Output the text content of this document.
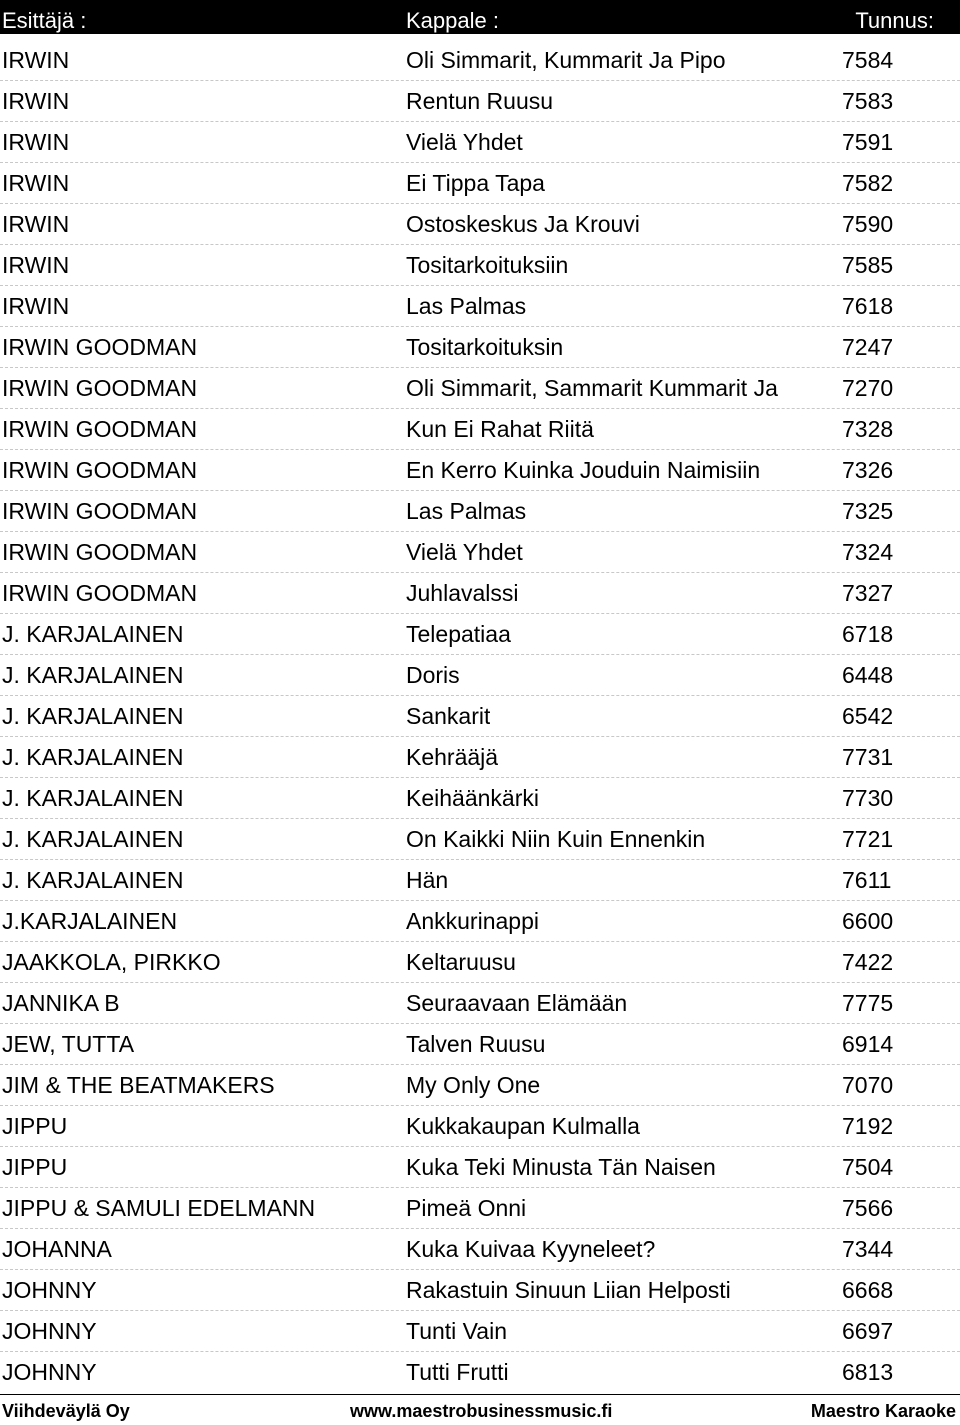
Esittäjä :	Kappale :	Tunnus:
IRWIN	Oli Simmarit, Kummarit Ja Pipo	7584
IRWIN	Rentun Ruusu	7583
IRWIN	Vielä Yhdet	7591
IRWIN	Ei Tippa Tapa	7582
IRWIN	Ostoskeskus Ja Krouvi	7590
IRWIN	Tositarkoituksiin	7585
IRWIN	Las Palmas	7618
IRWIN GOODMAN	Tositarkoituksin	7247
IRWIN GOODMAN	Oli Simmarit, Sammarit Kummarit Ja	7270
IRWIN GOODMAN	Kun Ei Rahat Riitä	7328
IRWIN GOODMAN	En Kerro Kuinka Jouduin Naimisiin	7326
IRWIN GOODMAN	Las Palmas	7325
IRWIN GOODMAN	Vielä Yhdet	7324
IRWIN GOODMAN	Juhlavalssi	7327
J. KARJALAINEN	Telepatiaa	6718
J. KARJALAINEN	Doris	6448
J. KARJALAINEN	Sankarit	6542
J. KARJALAINEN	Kehrääjä	7731
J. KARJALAINEN	Keihäänkärki	7730
J. KARJALAINEN	On Kaikki Niin Kuin Ennenkin	7721
J. KARJALAINEN	Hän	7611
J.KARJALAINEN	Ankkurinappi	6600
JAAKKOLA, PIRKKO	Keltaruusu	7422
JANNIKA B	Seuraavaan Elämään	7775
JEW, TUTTA	Talven Ruusu	6914
JIM & THE BEATMAKERS	My Only One	7070
JIPPU	Kukkakaupan Kulmalla	7192
JIPPU	Kuka Teki Minusta Tän Naisen	7504
JIPPU & SAMULI EDELMANN	Pimeä Onni	7566
JOHANNA	Kuka Kuivaa Kyyneleet?	7344
JOHNNY	Rakastuin Sinuun Liian Helposti	6668
JOHNNY	Tunti Vain	6697
JOHNNY	Tutti Frutti	6813
Viihdeväylä Oy	www.maestrobusinessmusic.fi	Maestro Karaoke
